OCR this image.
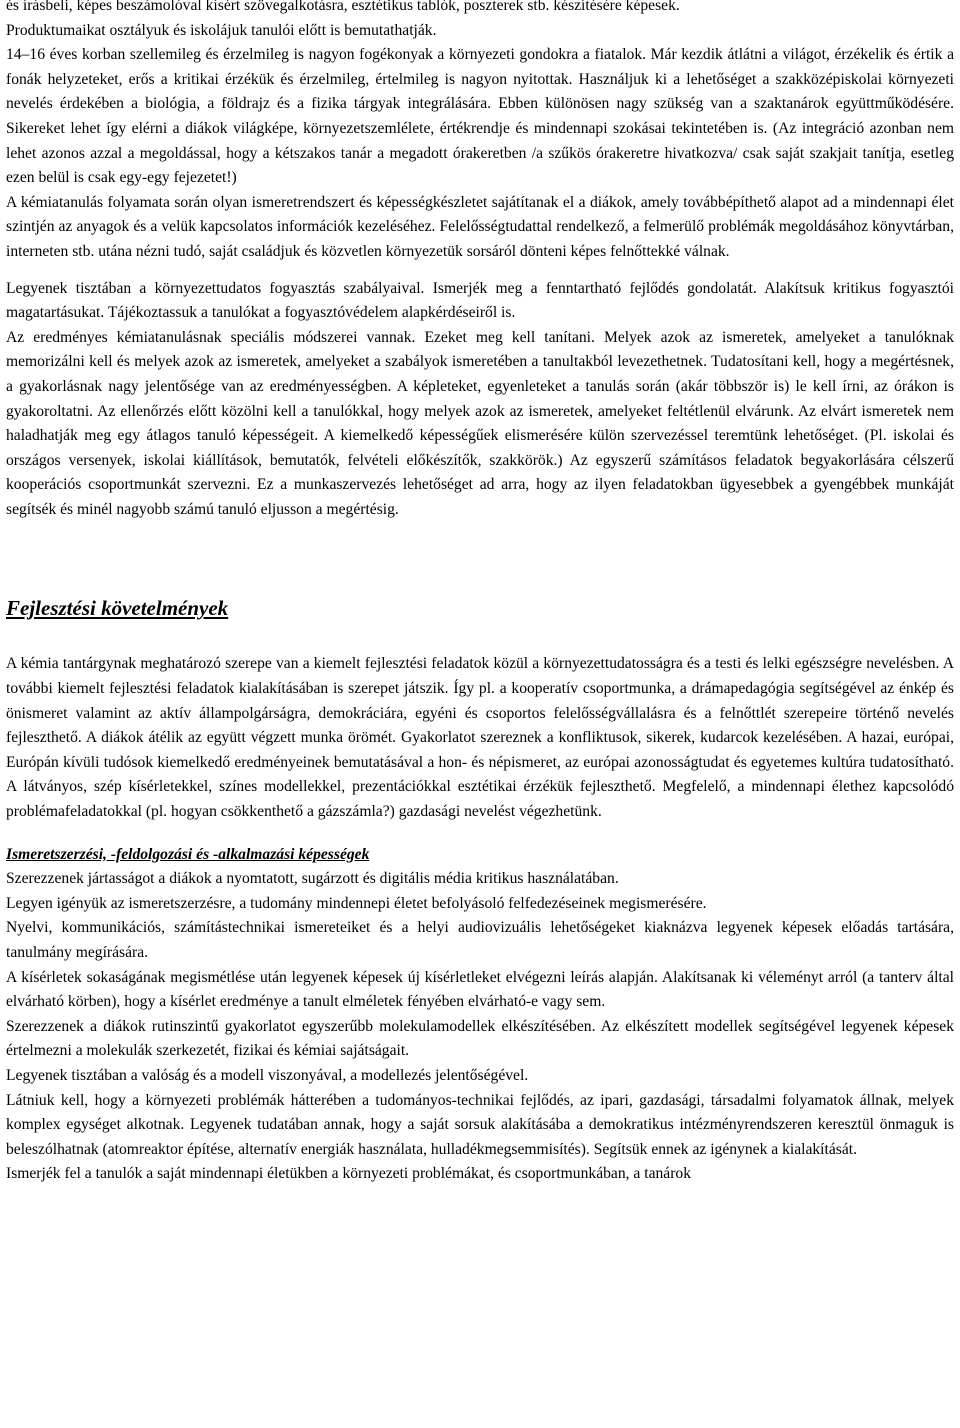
és írásbeli, képes beszámolóval kísért szövegalkotásra, esztétikus tablók, poszterek stb. készítésére képesek.

Produktumaikat osztályuk és iskolájuk tanulói előtt is bemutathatják.

14–16 éves korban szellemileg és érzelmileg is nagyon fogékonyak a környezeti gondokra a fiatalok. Már kezdik átlátni a világot, érzékelik és értik a fonák helyzeteket, erős a kritikai érzékük és érzelmileg, értelmileg is nagyon nyitottak. Használjuk ki a lehetőséget a szakközépiskolai környezeti nevelés érdekében a biológia, a földrajz és a fizika tárgyak integrálására. Ebben különösen nagy szükség van a szaktanárok együttműködésére. Sikereket lehet így elérni a diákok világképe, környezetszemlélete, értékrendje és mindennapi szokásai tekintetében is. (Az integráció azonban nem lehet azonos azzal a megoldással, hogy a kétszakos tanár a megadott órakeretben /a szűkös órakeretre hivatkozva/ csak saját szakjait tanítja, esetleg ezen belül is csak egy-egy fejezetet!)

A kémiatanulás folyamata során olyan ismeretrendszert és képességkészletet sajátítanak el a diákok, amely továbbépíthető alapot ad a mindennapi élet szintjén az anyagok és a velük kapcsolatos információk kezeléséhez. Felelősségtudattal rendelkező, a felmerülő problémák megoldásához könyvtárban, interneten stb. utána nézni tudó, saját családjuk és közvetlen környezetük sorsáról dönteni képes felnőttekké válnak.

Legyenek tisztában a környezettudatos fogyasztás szabályaival. Ismerjék meg a fenntartható fejlődés gondolatát. Alakítsuk kritikus fogyasztói magatartásukat. Tájékoztassuk a tanulókat a fogyasztóvédelem alapkérdéseiről is.

Az eredményes kémiatanulásnak speciális módszerei vannak. Ezeket meg kell tanítani. Melyek azok az ismeretek, amelyeket a tanulóknak memorizálni kell és melyek azok az ismeretek, amelyeket a szabályok ismeretében a tanultakból levezethetnek. Tudatosítani kell, hogy a megértésnek, a gyakorlásnak nagy jelentősége van az eredményességben. A képleteket, egyenleteket a tanulás során (akár többször is) le kell írni, az órákon is gyakoroltatni. Az ellenőrzés előtt közölni kell a tanulókkal, hogy melyek azok az ismeretek, amelyeket feltétlenül elvárunk. Az elvárt ismeretek nem haladhatják meg egy átlagos tanuló képességeit. A kiemelkedő képességűek elismerésére külön szervezéssel teremtünk lehetőséget. (Pl. iskolai és országos versenyek, iskolai kiállítások, bemutatók, felvételi előkészítők, szakkörök.) Az egyszerű számításos feladatok begyakorlására célszerű kooperációs csoportmunkát szervezni. Ez a munkaszervezés lehetőséget ad arra, hogy az ilyen feladatokban ügyesebbek a gyengébbek munkáját segítsék és minél nagyobb számú tanuló eljusson a megértésig.

Fejlesztési követelmények

A kémia tantárgynak meghatározó szerepe van a kiemelt fejlesztési feladatok közül a környezettudatosságra és a testi és lelki egészségre nevelésben. A további kiemelt fejlesztési feladatok kialakításában is szerepet játszik. Így pl. a kooperatív csoportmunka, a drámapedagógia segítségével az énkép és önismeret valamint az aktív állampolgárságra, demokráciára, egyéni és csoportos felelősségvállalásra és a felnőttlét szerepeire történő nevelés fejleszthető. A diákok átélik az együtt végzett munka örömét. Gyakorlatot szereznek a konfliktusok, sikerek, kudarcok kezelésében. A hazai, európai, Európán kívüli tudósok kiemelkedő eredményeinek bemutatásával a hon- és népismeret, az európai azonosságtudat és egyetemes kultúra tudatosítható. A látványos, szép kísérletekkel, színes modellekkel, prezentációkkal esztétikai érzékük fejleszthető. Megfelelő, a mindennapi élethez kapcsolódó problémafeladatokkal (pl. hogyan csökkenthető a gázszámla?) gazdasági nevelést végezhetünk.

Ismeretszerzési, -feldolgozási és -alkalmazási képességek

Szerezzenek jártasságot a diákok a nyomtatott, sugárzott és digitális média kritikus használatában.

Legyen igényük az ismeretszerzésre, a tudomány mindennepi életet befolyásoló felfedezéseinek megismerésére.

Nyelvi, kommunikációs, számítástechnikai ismereteiket és a helyi audiovizuális lehetőségeket kiaknázva legyenek képesek előadás tartására, tanulmány megírására.

A kísérletek sokaságának megismétlése után legyenek képesek új kísérletleket elvégezni leírás alapján. Alakítsanak ki véleményt arról (a tanterv által elvárható körben), hogy a kísérlet eredménye a tanult elméletek fényében elvárható-e vagy sem.

Szerezzenek a diákok rutinszintű gyakorlatot egyszerűbb molekulamodellek elkészítésében. Az elkészített modellek segítségével legyenek képesek értelmezni a molekulák szerkezetét, fizikai és kémiai sajátságait.

Legyenek tisztában a valóság és a modell viszonyával, a modellezés jelentőségével.

Látniuk kell, hogy a környezeti problémák hátterében a tudományos-technikai fejlődés, az ipari, gazdasági, társadalmi folyamatok állnak, melyek komplex egységet alkotnak. Legyenek tudatában annak, hogy a saját sorsuk alakításába a demokratikus intézményrendszeren keresztül önmaguk is beleszólhatnak (atomreaktor építése, alternatív energiák használata, hulladékmegsemmisítés). Segítsük ennek az igénynek a kialakítását.

Ismerjék fel a tanulók a saját mindennapi életükben a környezeti problémákat, és csoportmunkában, a tanárok
